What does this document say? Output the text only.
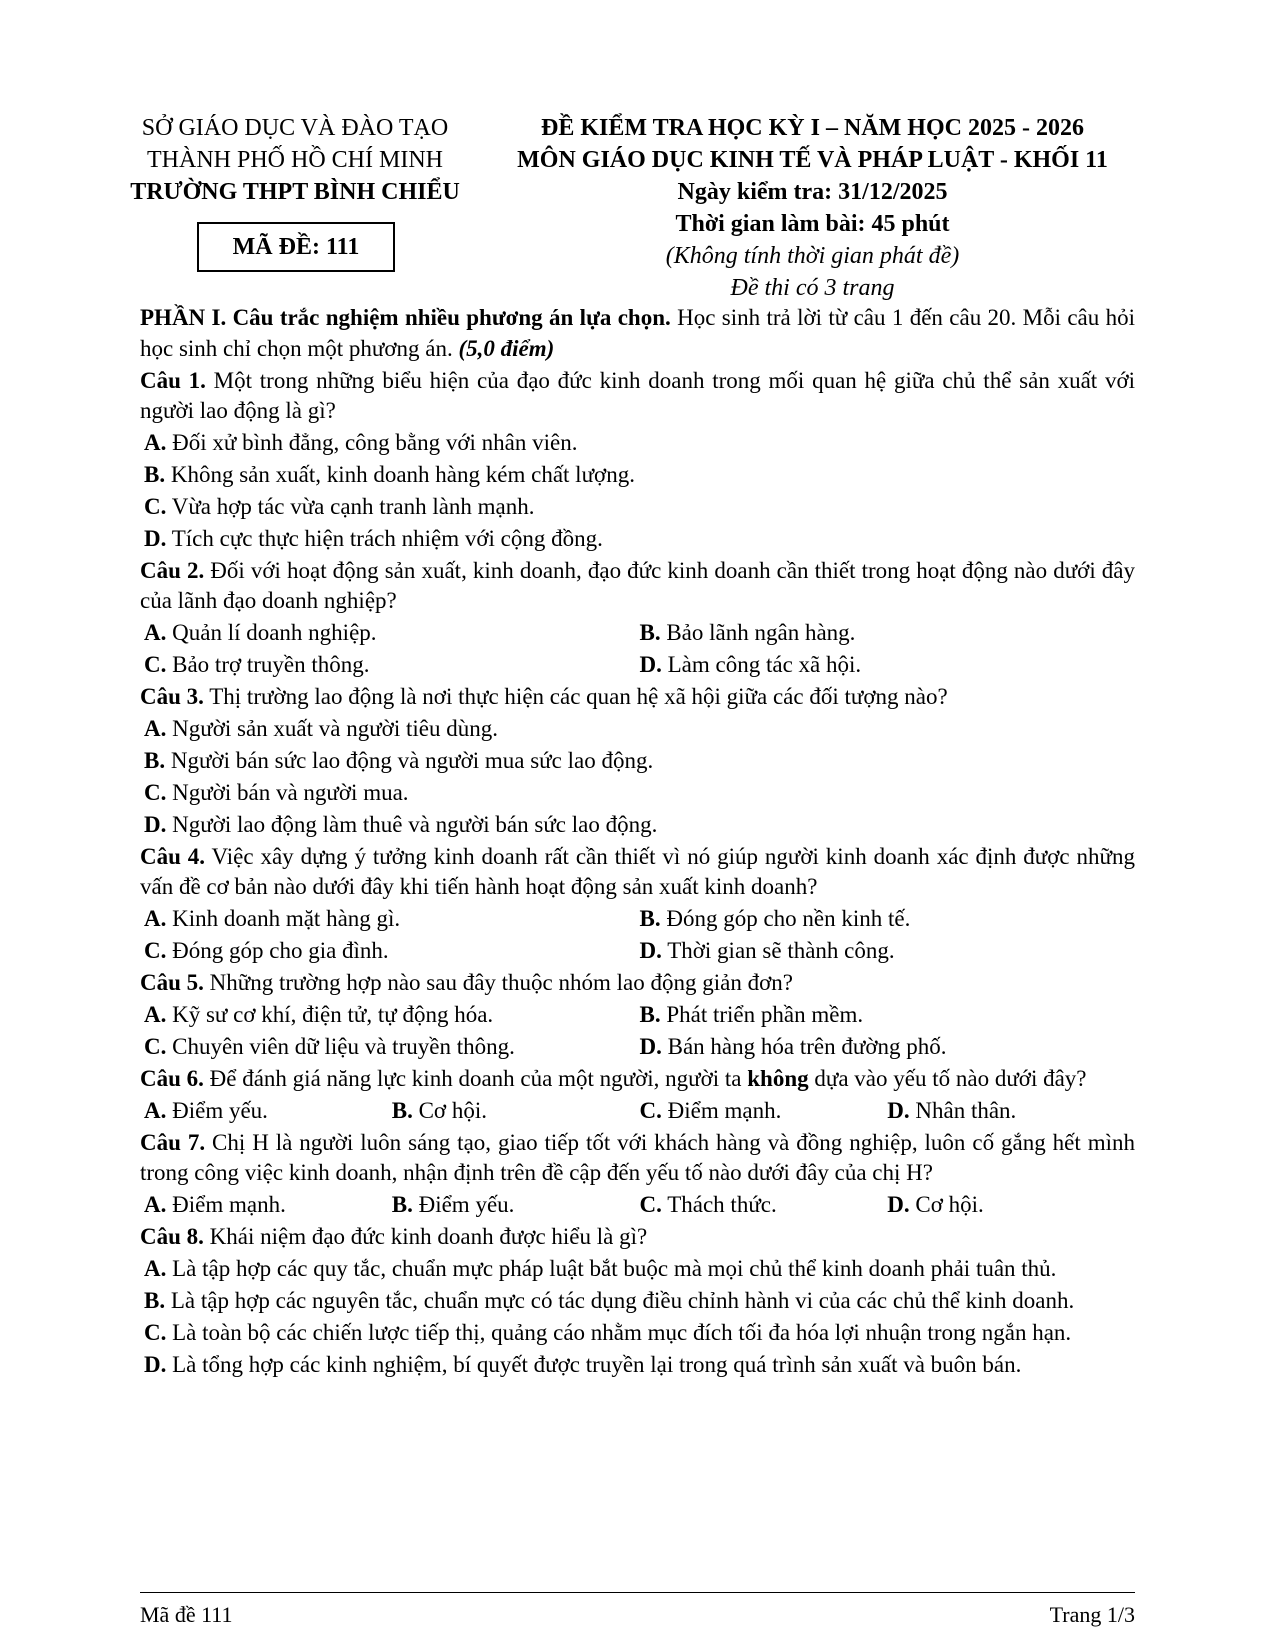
SỞ GIÁO DỤC VÀ ĐÀO TẠO
THÀNH PHỐ HỒ CHÍ MINH
TRƯỜNG THPT BÌNH CHIỂU
MÃ ĐỀ: 111
ĐỀ KIỂM TRA HỌC KỲ I – NĂM HỌC 2025 - 2026
MÔN GIÁO DỤC KINH TẾ VÀ PHÁP LUẬT - KHỐI 11
Ngày kiểm tra: 31/12/2025
Thời gian làm bài: 45 phút
(Không tính thời gian phát đề)
Đề thi có 3 trang

PHẦN I. Câu trắc nghiệm nhiều phương án lựa chọn. Học sinh trả lời từ câu 1 đến câu 20. Mỗi câu hỏi học sinh chỉ chọn một phương án. (5,0 điểm)

Câu 1. Một trong những biểu hiện của đạo đức kinh doanh trong mối quan hệ giữa chủ thể sản xuất với người lao động là gì?
A. Đối xử bình đẳng, công bằng với nhân viên.
B. Không sản xuất, kinh doanh hàng kém chất lượng.
C. Vừa hợp tác vừa cạnh tranh lành mạnh.
D. Tích cực thực hiện trách nhiệm với cộng đồng.
Câu 2. Đối với hoạt động sản xuất, kinh doanh, đạo đức kinh doanh cần thiết trong hoạt động nào dưới đây của lãnh đạo doanh nghiệp?
A. Quản lí doanh nghiệp.	B. Bảo lãnh ngân hàng.
C. Bảo trợ truyền thông.	D. Làm công tác xã hội.
Câu 3. Thị trường lao động là nơi thực hiện các quan hệ xã hội giữa các đối tượng nào?
A. Người sản xuất và người tiêu dùng.
B. Người bán sức lao động và người mua sức lao động.
C. Người bán và người mua.
D. Người lao động làm thuê và người bán sức lao động.
Câu 4. Việc xây dựng ý tưởng kinh doanh rất cần thiết vì nó giúp người kinh doanh xác định được những vấn đề cơ bản nào dưới đây khi tiến hành hoạt động sản xuất kinh doanh?
A. Kinh doanh mặt hàng gì.	B. Đóng góp cho nền kinh tế.
C. Đóng góp cho gia đình.	D. Thời gian sẽ thành công.
Câu 5. Những trường hợp nào sau đây thuộc nhóm lao động giản đơn?
A. Kỹ sư cơ khí, điện tử, tự động hóa.	B. Phát triển phần mềm.
C. Chuyên viên dữ liệu và truyền thông.	D. Bán hàng hóa trên đường phố.
Câu 6. Để đánh giá năng lực kinh doanh của một người, người ta không dựa vào yếu tố nào dưới đây?
A. Điểm yếu.	B. Cơ hội.	C. Điểm mạnh.	D. Nhân thân.
Câu 7. Chị H là người luôn sáng tạo, giao tiếp tốt với khách hàng và đồng nghiệp, luôn cố gắng hết mình trong công việc kinh doanh, nhận định trên đề cập đến yếu tố nào dưới đây của chị H?
A. Điểm mạnh.	B. Điểm yếu.	C. Thách thức.	D. Cơ hội.
Câu 8. Khái niệm đạo đức kinh doanh được hiểu là gì?
A. Là tập hợp các quy tắc, chuẩn mực pháp luật bắt buộc mà mọi chủ thể kinh doanh phải tuân thủ.
B. Là tập hợp các nguyên tắc, chuẩn mực có tác dụng điều chỉnh hành vi của các chủ thể kinh doanh.
C. Là toàn bộ các chiến lược tiếp thị, quảng cáo nhằm mục đích tối đa hóa lợi nhuận trong ngắn hạn.
D. Là tổng hợp các kinh nghiệm, bí quyết được truyền lại trong quá trình sản xuất và buôn bán.
Mã đề 111	Trang 1/3
